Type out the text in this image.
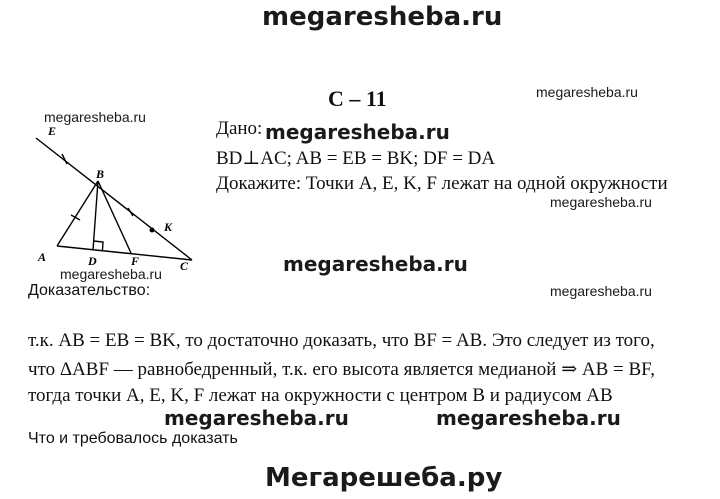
megaresheba.ru
megaresheba.ru
megaresheba.ru
megaresheba.ru
megaresheba.ru
megaresheba.ru
megaresheba.ru
megaresheba.ru	megaresheba.ru
Мегарешеба.ру
С – 11
Дано: megaresheba.ru
BD⊥AC; AB = EB = BK; DF = DA
Докажите: Точки A, E, K, F лежат на одной окружности
E
B
K
A	D	F	C
Доказательство:
т.к. AB = EB = BK, то достаточно доказать, что BF = AB. Это следует из того,
что ΔABF — равнобедренный, т.к. его высота является медианой ⇒ AB = BF,
тогда точки A, E, K, F лежат на окружности с центром B и радиусом AB
Что и требовалось доказать
